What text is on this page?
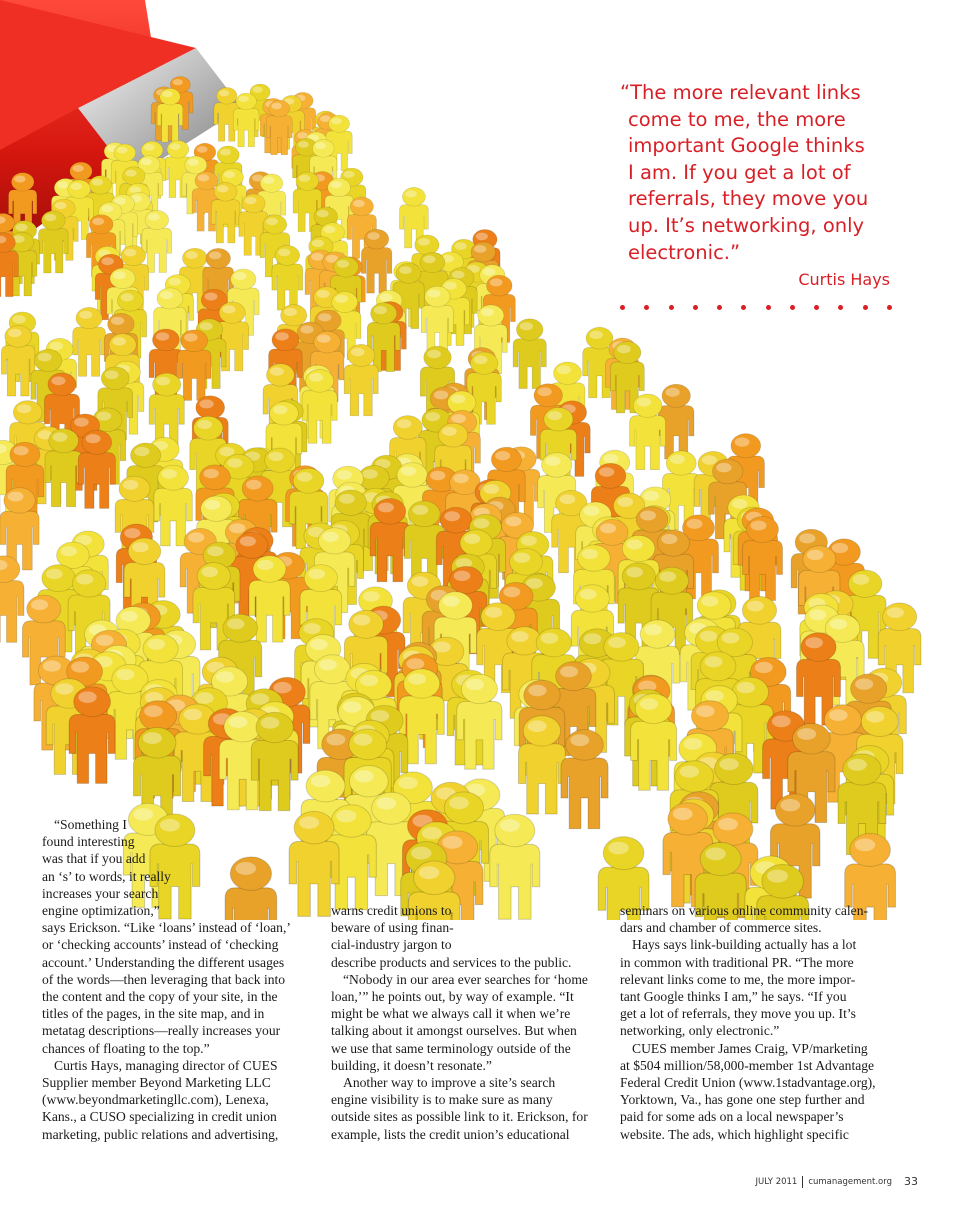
“The more relevant links
come to me, the more
important Google thinks
I am. If you get a lot of
referrals, they move you
up. It’s networking, only
electronic.”
Curtis Hays
“Something I
found interesting
was that if you add
an ‘s’ to words, it really
increases your search
engine optimization,”
says Erickson. “Like ‘loans’ instead of ‘loan,’
or ‘checking accounts’ instead of ‘checking
account.’ Understanding the different usages
of the words—then leveraging that back into
the content and the copy of your site, in the
titles of the pages, in the site map, and in
metatag descriptions—really increases your
chances of floating to the top.”
Curtis Hays, managing director of CUES
Supplier member Beyond Marketing LLC
(www.beyondmarketingllc.com), Lenexa,
Kans., a CUSO specializing in credit union
marketing, public relations and advertising,
warns credit unions to
beware of using finan-
cial-industry jargon to
describe products and services to the public.
“Nobody in our area ever searches for ‘home
loan,’” he points out, by way of example. “It
might be what we always call it when we’re
talking about it amongst ourselves. But when
we use that same terminology outside of the
building, it doesn’t resonate.”
Another way to improve a site’s search
engine visibility is to make sure as many
outside sites as possible link to it. Erickson, for
example, lists the credit union’s educational
seminars on various online community calen-
dars and chamber of commerce sites.
Hays says link-building actually has a lot
in common with traditional PR. “The more
relevant links come to me, the more impor-
tant Google thinks I am,” he says. “If you
get a lot of referrals, they move you up. It’s
networking, only electronic.”
CUES member James Craig, VP/marketing
at $504 million/58,000-member 1st Advantage
Federal Credit Union (www.1stadvantage.org),
Yorktown, Va., has gone one step further and
paid for some ads on a local newspaper’s
website. The ads, which highlight specific
JULY 2011 cumanagement.org 33
